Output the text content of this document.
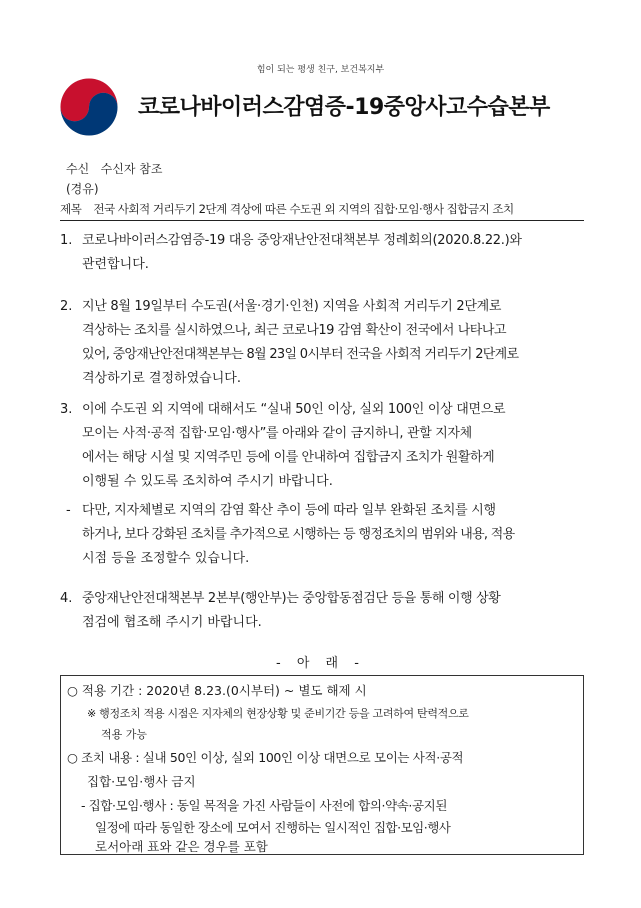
힘이 되는 평생 친구, 보건복지부
코로나바이러스감염증-19중앙사고수습본부
수신 수신자 참조
(경유)
제목 전국 사회적 거리두기 2단계 격상에 따른 수도권 외 지역의 집합·모임·행사 집합금지 조치
1. 코로나바이러스감염증-19 대응 중앙재난안전대책본부 정례회의(2020.8.22.)와
관련합니다.
2. 지난 8월 19일부터 수도권(서울·경기·인천) 지역을 사회적 거리두기 2단계로
격상하는 조치를 실시하였으나, 최근 코로나19 감염 확산이 전국에서 나타나고
있어, 중앙재난안전대책본부는 8월 23일 0시부터 전국을 사회적 거리두기 2단계로
격상하기로 결정하였습니다.
3. 이에 수도권 외 지역에 대해서도 “실내 50인 이상, 실외 100인 이상 대면으로
모이는 사적·공적 집합·모임·행사”를 아래와 같이 금지하니, 관할 지자체
에서는 해당 시설 및 지역주민 등에 이를 안내하여 집합금지 조치가 원활하게
이행될 수 있도록 조치하여 주시기 바랍니다.
- 다만, 지자체별로 지역의 감염 확산 추이 등에 따라 일부 완화된 조치를 시행
하거나, 보다 강화된 조치를 추가적으로 시행하는 등 행정조치의 범위와 내용, 적용
시점 등을 조정할수 있습니다.
4. 중앙재난안전대책본부 2본부(행안부)는 중앙합동점검단 등을 통해 이행 상황
점검에 협조해 주시기 바랍니다.
- 아 래 -
○ 적용 기간 : 2020년 8.23.(0시부터) ~ 별도 해제 시
※ 행정조치 적용 시점은 지자체의 현장상황 및 준비기간 등을 고려하여 탄력적으로
적용 가능
○ 조치 내용 : 실내 50인 이상, 실외 100인 이상 대면으로 모이는 사적·공적
집합·모임·행사 금지
- 집합·모임·행사 : 동일 목적을 가진 사람들이 사전에 합의·약속·공지된
일정에 따라 동일한 장소에 모여서 진행하는 일시적인 집합·모임·행사
로서아래 표와 같은 경우를 포함
